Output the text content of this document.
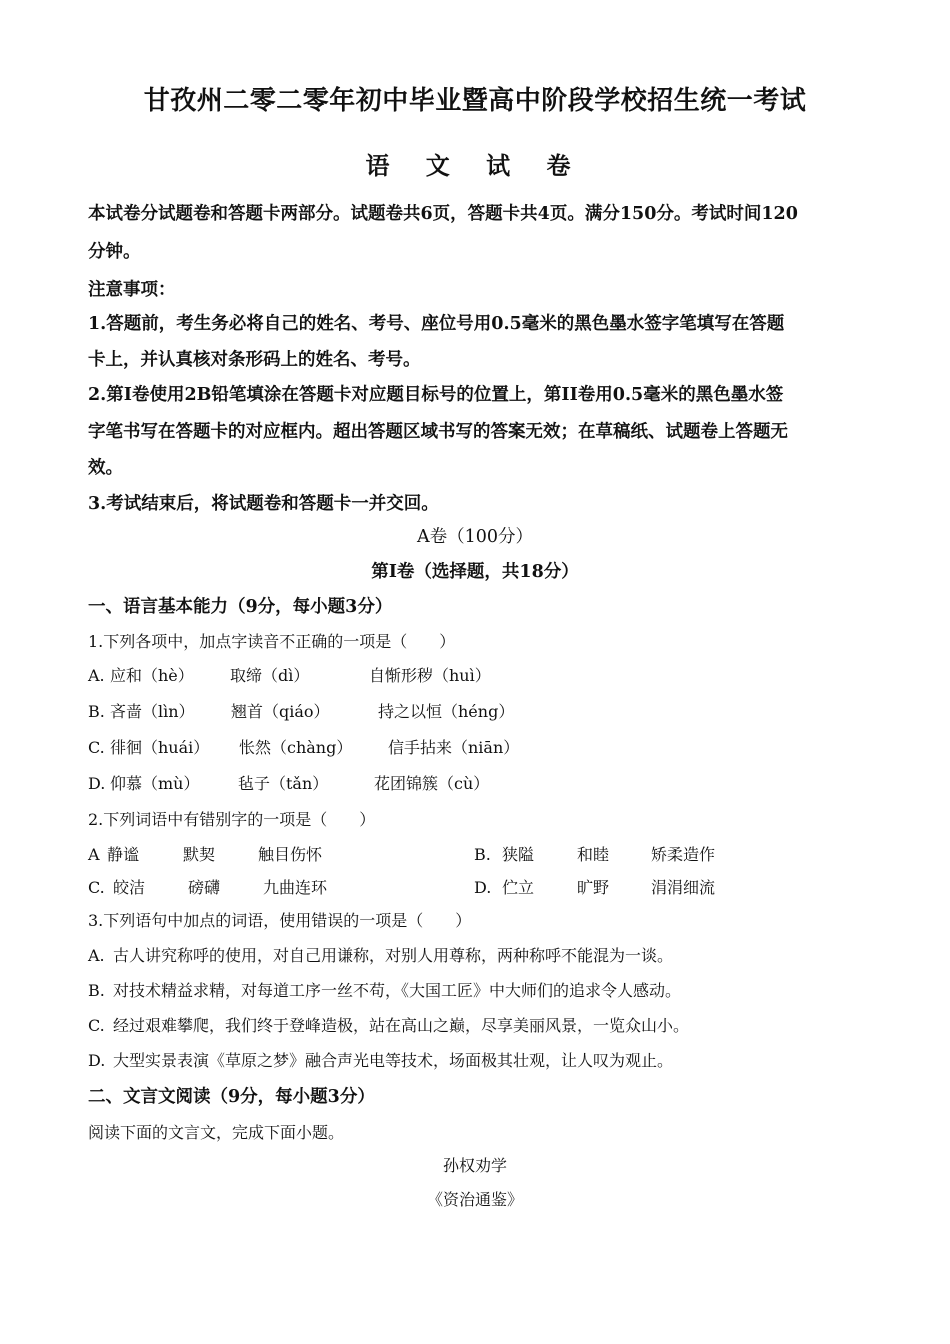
甘孜州二零二零年初中毕业暨高中阶段学校招生统一考试
语 文 试 卷
本试卷分试题卷和答题卡两部分。试题卷共6页，答题卡共4页。满分150分。考试时间120
分钟。
注意事项：
1.答题前，考生务必将自己的姓名、考号、座位号用0.5毫米的黑色墨水签字笔填写在答题
卡上，并认真核对条形码上的姓名、考号。
2.第I卷使用2B铅笔填涂在答题卡对应题目标号的位置上，第II卷用0.5毫米的黑色墨水签
字笔书写在答题卡的对应框内。超出答题区域书写的答案无效；在草稿纸、试题卷上答题无
效。
3.考试结束后，将试题卷和答题卡一并交回。
A卷（100分）
第I卷（选择题，共18分）
一、语言基本能力（9分，每小题3分）
1.下列各项中，加点字读音不正确的一项是（　　）
A. 应和（hè） 取缔（dì）	自惭形秽（huì）
B. 吝啬（lìn） 翘首（qiáo）	持之以恒（héng）
C. 徘徊（huái） 怅然（chàng） 信手拈来（niān）
D. 仰慕（mù） 毡子（tǎn）	花团锦簇（cù）
2.下列词语中有错别字的一项是（　　）
A 静谧	默契	触目伤怀	B. 狭隘	和睦	矫柔造作
C. 皎洁	磅礴	九曲连环	D. 伫立	旷野	涓涓细流
3.下列语句中加点的词语，使用错误的一项是（　　）
A. 古人讲究称呼的使用，对自己用谦称，对别人用尊称，两种称呼不能混为一谈。
B. 对技术精益求精，对每道工序一丝不苟，《大国工匠》中大师们的追求令人感动。
C. 经过艰难攀爬，我们终于登峰造极，站在高山之巅，尽享美丽风景，一览众山小。
D. 大型实景表演《草原之梦》融合声光电等技术，场面极其壮观，让人叹为观止。
二、文言文阅读（9分，每小题3分）
阅读下面的文言文，完成下面小题。
孙权劝学
《资治通鉴》
